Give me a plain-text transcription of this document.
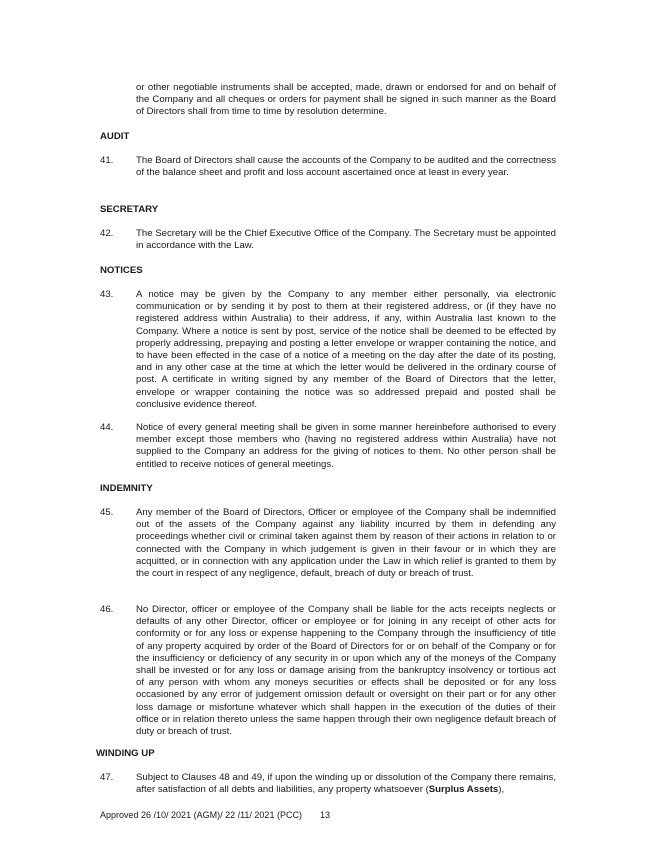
or other negotiable instruments shall be accepted, made, drawn or endorsed for and on behalf of the Company and all cheques or orders for payment shall be signed in such manner as the Board of Directors shall from time to time by resolution determine.
AUDIT
41. The Board of Directors shall cause the accounts of the Company to be audited and the correctness of the balance sheet and profit and loss account ascertained once at least in every year.
SECRETARY
42. The Secretary will be the Chief Executive Office of the Company. The Secretary must be appointed in accordance with the Law.
NOTICES
43. A notice may be given by the Company to any member either personally, via electronic communication or by sending it by post to them at their registered address, or (if they have no registered address within Australia) to their address, if any, within Australia last known to the Company. Where a notice is sent by post, service of the notice shall be deemed to be effected by properly addressing, prepaying and posting a letter envelope or wrapper containing the notice, and to have been effected in the case of a notice of a meeting on the day after the date of its posting, and in any other case at the time at which the letter would be delivered in the ordinary course of post. A certificate in writing signed by any member of the Board of Directors that the letter, envelope or wrapper containing the notice was so addressed prepaid and posted shall be conclusive evidence thereof.
44. Notice of every general meeting shall be given in some manner hereinbefore authorised to every member except those members who (having no registered address within Australia) have not supplied to the Company an address for the giving of notices to them. No other person shall be entitled to receive notices of general meetings.
INDEMNITY
45. Any member of the Board of Directors, Officer or employee of the Company shall be indemnified out of the assets of the Company against any liability incurred by them in defending any proceedings whether civil or criminal taken against them by reason of their actions in relation to or connected with the Company in which judgement is given in their favour or in which they are acquitted, or in connection with any application under the Law in which relief is granted to them by the court in respect of any negligence, default, breach of duty or breach of trust.
46. No Director, officer or employee of the Company shall be liable for the acts receipts neglects or defaults of any other Director, officer or employee or for joining in any receipt of other acts for conformity or for any loss or expense happening to the Company through the insufficiency of title of any property acquired by order of the Board of Directors for or on behalf of the Company or for the insufficiency or deficiency of any security in or upon which any of the moneys of the Company shall be invested or for any loss or damage arising from the bankruptcy insolvency or tortious act of any person with whom any moneys securities or effects shall be deposited or for any loss occasioned by any error of judgement omission default or oversight on their part or for any other loss damage or misfortune whatever which shall happen in the execution of the duties of their office or in relation thereto unless the same happen through their own negligence default breach of duty or breach of trust.
WINDING UP
47. Subject to Clauses 48 and 49, if upon the winding up or dissolution of the Company there remains, after satisfaction of all debts and liabilities, any property whatsoever (Surplus Assets),
Approved 26 /10/ 2021 (AGM)/ 22 /11/ 2021 (PCC) 13
